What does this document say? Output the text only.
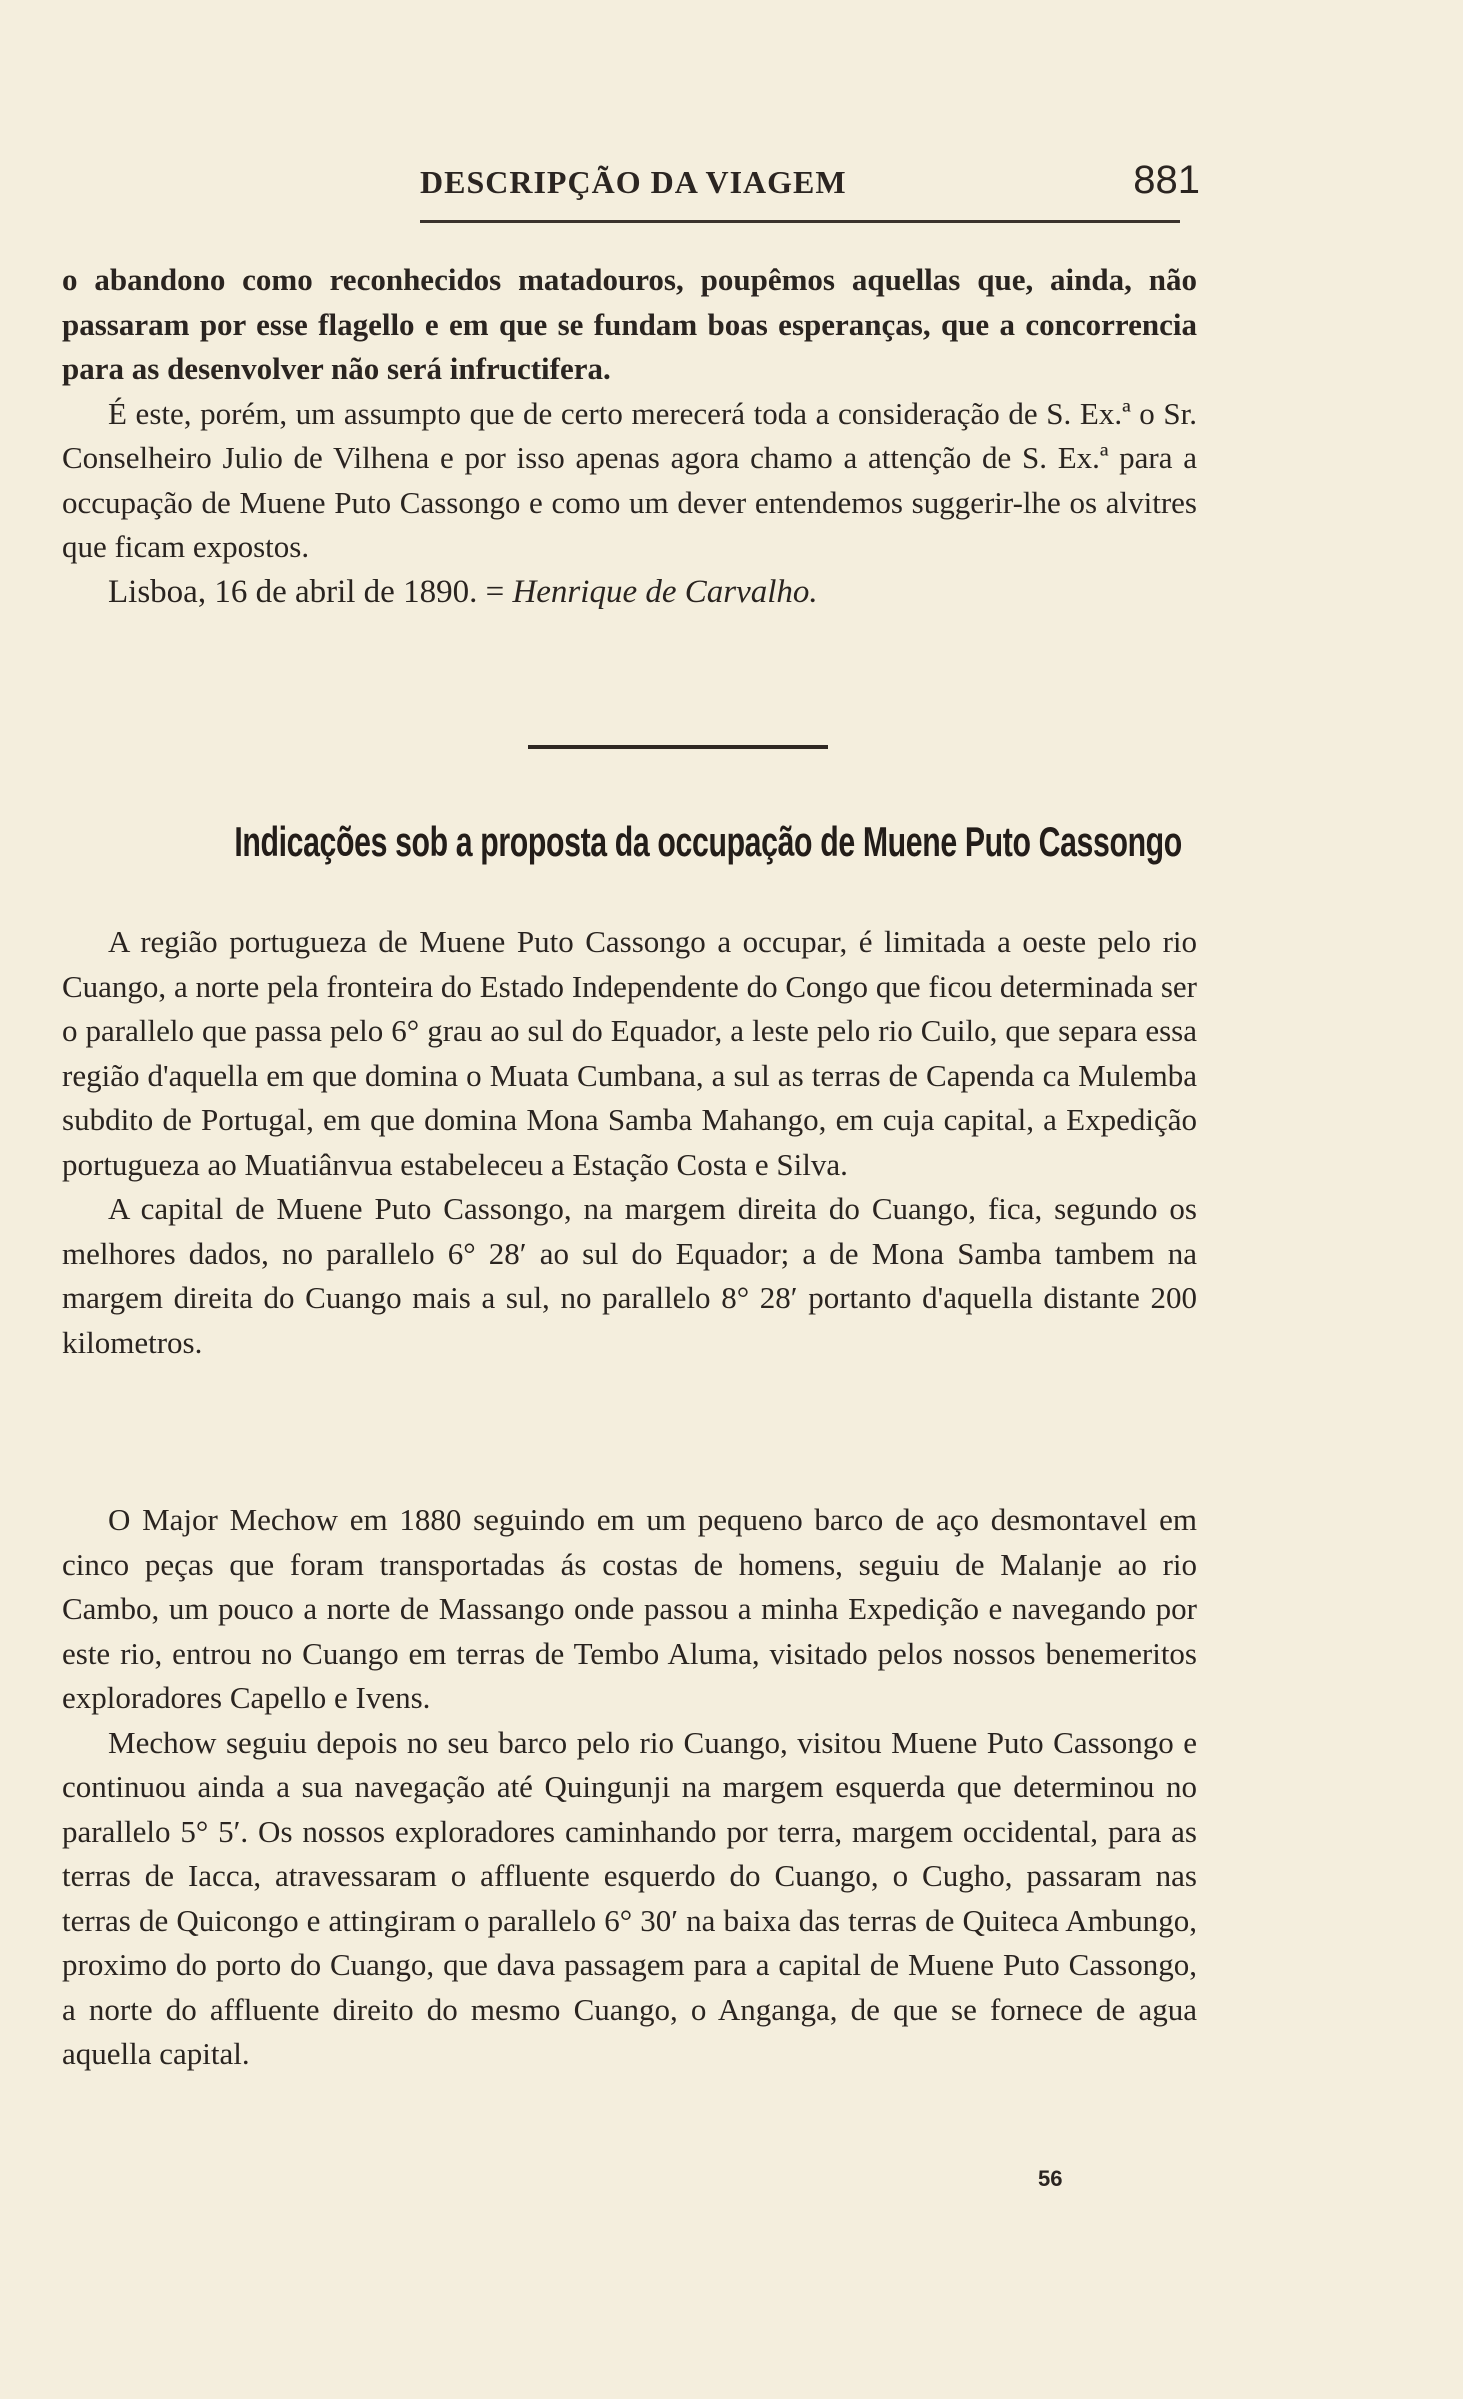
DESCRIPÇÃO DA VIAGEM	881

o abandono como reconhecidos matadouros, poupêmos aquellas que, ainda, não passaram por esse flagello e em que se fundam boas esperanças, que a concorrencia para as desenvolver não será infructifera.

É este, porém, um assumpto que de certo merecerá toda a consideração de S. Ex.ª o Sr. Conselheiro Julio de Vilhena e por isso apenas agora chamo a attenção de S. Ex.ª para a occupação de Muene Puto Cassongo e como um dever entendemos suggerir-lhe os alvitres que ficam expostos.

Lisboa, 16 de abril de 1890. = Henrique de Carvalho.

Indicações sob a proposta da occupação de Muene Puto Cassongo

A região portugueza de Muene Puto Cassongo a occupar, é limitada a oeste pelo rio Cuango, a norte pela fronteira do Estado Independente do Congo que ficou determinada ser o parallelo que passa pelo 6° grau ao sul do Equador, a leste pelo rio Cuilo, que separa essa região d'aquella em que domina o Muata Cumbana, a sul as terras de Capenda ca Mulemba subdito de Portugal, em que domina Mona Samba Mahango, em cuja capital, a Expedição portugueza ao Muatiânvua estabeleceu a Estação Costa e Silva.

A capital de Muene Puto Cassongo, na margem direita do Cuango, fica, segundo os melhores dados, no parallelo 6° 28′ ao sul do Equador; a de Mona Samba tambem na margem direita do Cuango mais a sul, no parallelo 8° 28′ portanto d'aquella distante 200 kilometros.

O Major Mechow em 1880 seguindo em um pequeno barco de aço desmontavel em cinco peças que foram transportadas ás costas de homens, seguiu de Malanje ao rio Cambo, um pouco a norte de Massango onde passou a minha Expedição e navegando por este rio, entrou no Cuango em terras de Tembo Aluma, visitado pelos nossos benemeritos exploradores Capello e Ivens.

Mechow seguiu depois no seu barco pelo rio Cuango, visitou Muene Puto Cassongo e continuou ainda a sua navegação até Quingunji na margem esquerda que determinou no parallelo 5° 5′. Os nossos exploradores caminhando por terra, margem occidental, para as terras de Iacca, atravessaram o affluente esquerdo do Cuango, o Cugho, passaram nas terras de Quicongo e attingiram o parallelo 6° 30′ na baixa das terras de Quiteca Ambungo, proximo do porto do Cuango, que dava passagem para a capital de Muene Puto Cassongo, a norte do affluente direito do mesmo Cuango, o Anganga, de que se fornece de agua aquella capital.

56
